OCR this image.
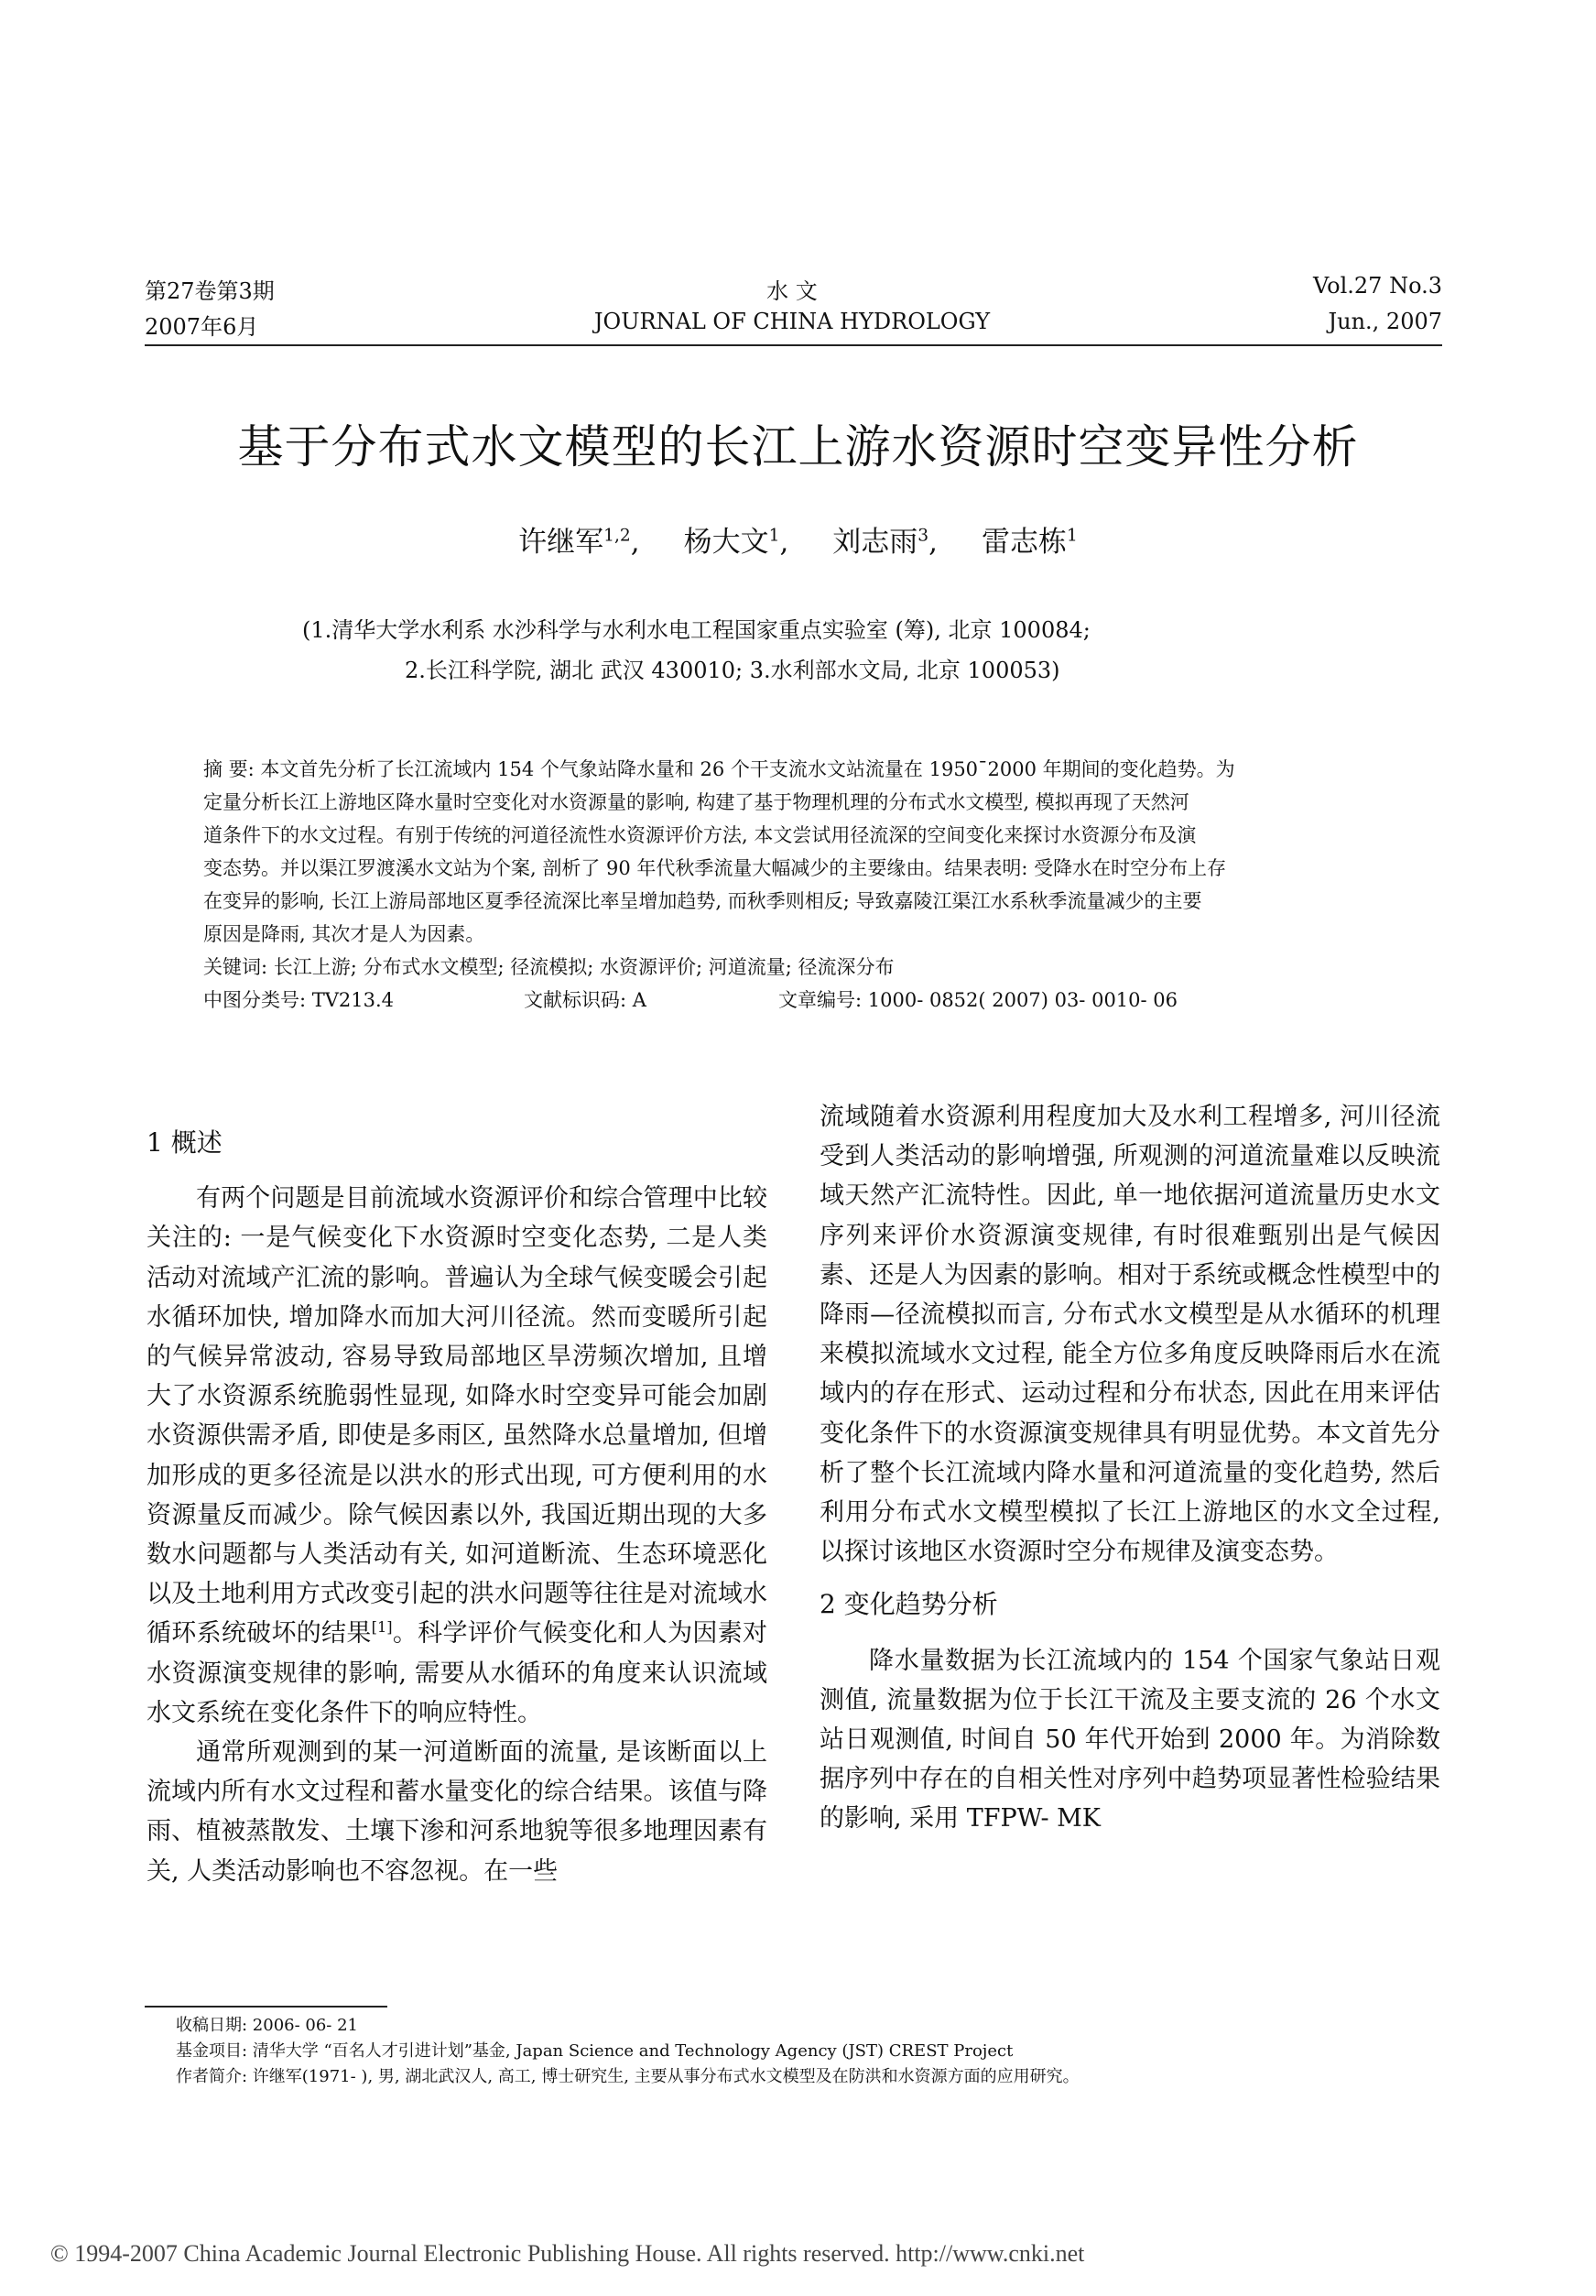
第27卷第3期
2007年6月
水 文
JOURNAL OF CHINA HYDROLOGY
Vol.27 No.3
Jun., 2007
基于分布式水文模型的长江上游水资源时空变异性分析
许继军$^{1,2}$, 杨大文$^1$, 刘志雨$^3$, 雷志栋$^1$
(1.清华大学水利系 水沙科学与水利水电工程国家重点实验室 (筹), 北京 100084;
2.长江科学院, 湖北 武汉 430010; 3.水利部水文局, 北京 100053)
摘 要: 本文首先分析了长江流域内 154 个气象站降水量和 26 个干支流水文站流量在 1950¯2000 年期间的变化趋势。为
定量分析长江上游地区降水量时空变化对水资源量的影响, 构建了基于物理机理的分布式水文模型, 模拟再现了天然河
道条件下的水文过程。有别于传统的河道径流性水资源评价方法, 本文尝试用径流深的空间变化来探讨水资源分布及演
变态势。并以渠江罗渡溪水文站为个案, 剖析了 90 年代秋季流量大幅减少的主要缘由。结果表明: 受降水在时空分布上存
在变异的影响, 长江上游局部地区夏季径流深比率呈增加趋势, 而秋季则相反; 导致嘉陵江渠江水系秋季流量减少的主要
原因是降雨, 其次才是人为因素。
关键词: 长江上游; 分布式水文模型; 径流模拟; 水资源评价; 河道流量; 径流深分布
中图分类号: TV213.4	文献标识码: A	文章编号: 1000- 0852( 2007) 03- 0010- 06

1 概述

有两个问题是目前流域水资源评价和综合管理中比较关注的: 一是气候变化下水资源时空变化态势, 二是人类活动对流域产汇流的影响。普遍认为全球气候变暖会引起水循环加快, 增加降水而加大河川径流。然而变暖所引起的气候异常波动, 容易导致局部地区旱涝频次增加, 且增大了水资源系统脆弱性显现, 如降水时空变异可能会加剧水资源供需矛盾, 即使是多雨区, 虽然降水总量增加, 但增加形成的更多径流是以洪水的形式出现, 可方便利用的水资源量反而减少。除气候因素以外, 我国近期出现的大多数水问题都与人类活动有关, 如河道断流、生态环境恶化以及土地利用方式改变引起的洪水问题等往往是对流域水循环系统破坏的结果[1]。科学评价气候变化和人为因素对水资源演变规律的影响, 需要从水循环的角度来认识流域水文系统在变化条件下的响应特性。

通常所观测到的某一河道断面的流量, 是该断面以上流域内所有水文过程和蓄水量变化的综合结果。该值与降雨、植被蒸散发、土壤下渗和河系地貌等很多地理因素有关, 人类活动影响也不容忽视。在一些

流域随着水资源利用程度加大及水利工程增多, 河川径流受到人类活动的影响增强, 所观测的河道流量难以反映流域天然产汇流特性。因此, 单一地依据河道流量历史水文序列来评价水资源演变规律, 有时很难甄别出是气候因素、还是人为因素的影响。相对于系统或概念性模型中的降雨—径流模拟而言, 分布式水文模型是从水循环的机理来模拟流域水文过程, 能全方位多角度反映降雨后水在流域内的存在形式、运动过程和分布状态, 因此在用来评估变化条件下的水资源演变规律具有明显优势。本文首先分析了整个长江流域内降水量和河道流量的变化趋势, 然后利用分布式水文模型模拟了长江上游地区的水文全过程, 以探讨该地区水资源时空分布规律及演变态势。

2 变化趋势分析

降水量数据为长江流域内的 154 个国家气象站日观测值, 流量数据为位于长江干流及主要支流的 26 个水文站日观测值, 时间自 50 年代开始到 2000 年。为消除数据序列中存在的自相关性对序列中趋势项显著性检验结果的影响, 采用 TFPW- MK

收稿日期: 2006- 06- 21
基金项目: 清华大学 “百名人才引进计划”基金, Japan Science and Technology Agency (JST) CREST Project
作者简介: 许继军(1971- ), 男, 湖北武汉人, 高工, 博士研究生, 主要从事分布式水文模型及在防洪和水资源方面的应用研究。
© 1994-2007 China Academic Journal Electronic Publishing House. All rights reserved. http://www.cnki.net
